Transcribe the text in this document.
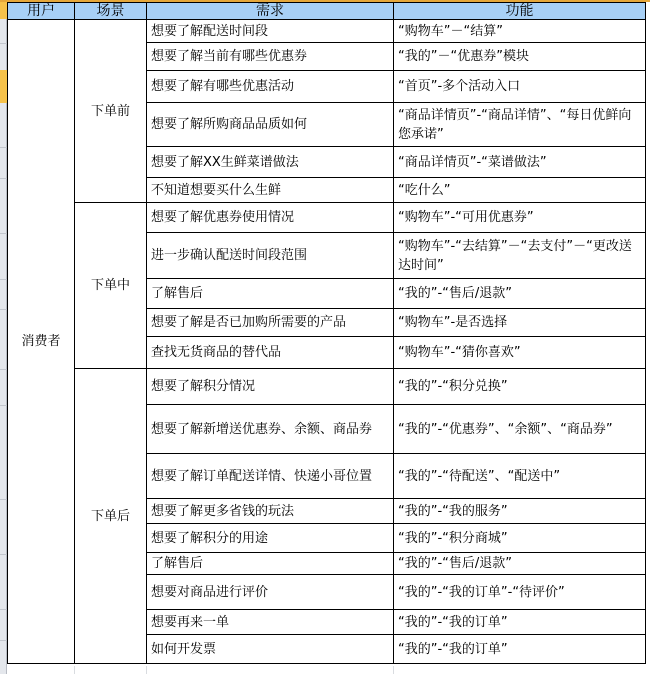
用户	场景	需求	功能
消费者	下单前	想要了解配送时间段	“购物车”－“结算”
		想要了解当前有哪些优惠券	“我的”－“优惠券”模块
		想要了解有哪些优惠活动	“首页”-多个活动入口
		想要了解所购商品品质如何	“商品详情页”-“商品详情”、“每日优鲜向您承诺”
		想要了解XX生鲜菜谱做法	“商品详情页”-“菜谱做法”
		不知道想要买什么生鲜	“吃什么”
	下单中	想要了解优惠券使用情况	“购物车”-“可用优惠券”
		进一步确认配送时间段范围	“购物车”-“去结算”－“去支付”－“更改送达时间”
		了解售后	“我的”-“售后/退款”
		想要了解是否已加购所需要的产品	“购物车”-是否选择
		查找无货商品的替代品	“购物车”-“猜你喜欢”
	下单后	想要了解积分情况	“我的”-“积分兑换”
		想要了解新增送优惠券、余额、商品券	“我的”-“优惠券”、“余额”、“商品券”
		想要了解订单配送详情、快递小哥位置	“我的”-“待配送”、“配送中”
		想要了解更多省钱的玩法	“我的”-“我的服务”
		想要了解积分的用途	“我的”-“积分商城”
		了解售后	“我的”-“售后/退款”
		想要对商品进行评价	“我的”-“我的订单”-“待评价”
		想要再来一单	“我的”-“我的订单”
		如何开发票	“我的”-“我的订单”
